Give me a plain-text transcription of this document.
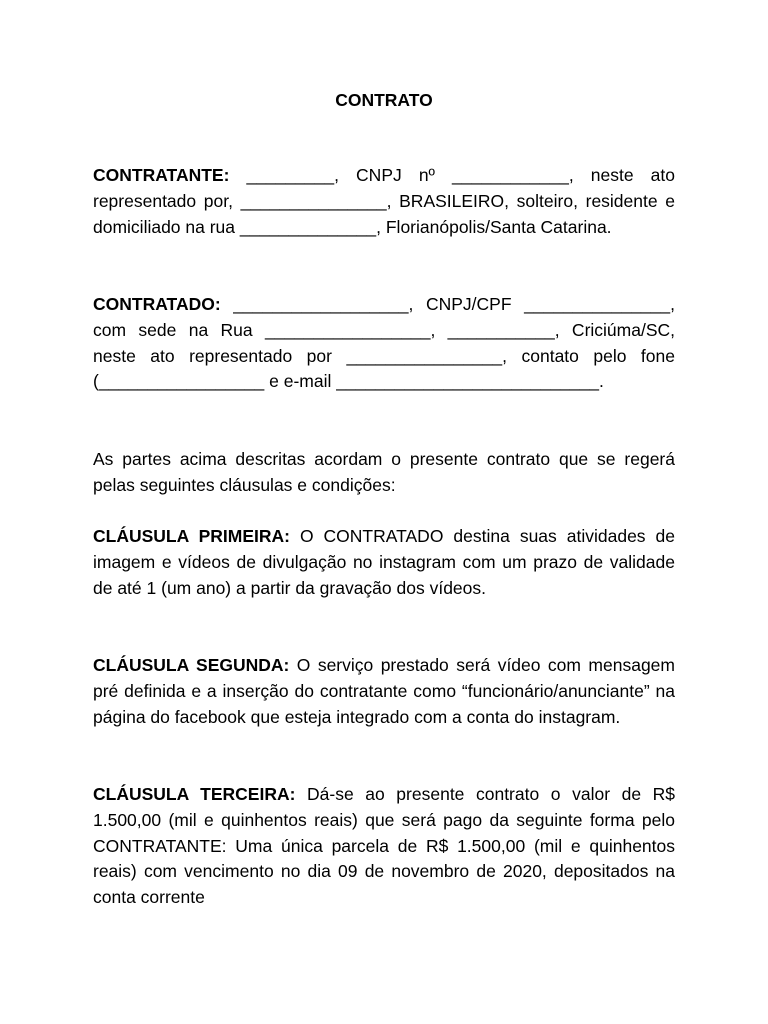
CONTRATO

CONTRATANTE: _________, CNPJ nº ____________, neste ato representado por, _______________, BRASILEIRO, solteiro, residente e domiciliado na rua ______________, Florianópolis/Santa Catarina.

CONTRATADO: __________________, CNPJ/CPF _______________, com sede na Rua _________________, ___________, Criciúma/SC, neste ato representado por ________________, contato pelo fone (_________________ e e-mail ___________________________.

As partes acima descritas acordam o presente contrato que se regerá pelas seguintes cláusulas e condições:

CLÁUSULA PRIMEIRA: O CONTRATADO destina suas atividades de imagem e vídeos de divulgação no instagram com um prazo de validade de até 1 (um ano) a partir da gravação dos vídeos.

CLÁUSULA SEGUNDA: O serviço prestado será vídeo com mensagem pré definida e a inserção do contratante como “funcionário/anunciante” na página do facebook que esteja integrado com a conta do instagram.

CLÁUSULA TERCEIRA: Dá-se ao presente contrato o valor de R$ 1.500,00 (mil e quinhentos reais) que será pago da seguinte forma pelo CONTRATANTE: Uma única parcela de R$ 1.500,00 (mil e quinhentos reais) com vencimento no dia 09 de novembro de 2020, depositados na conta corrente
